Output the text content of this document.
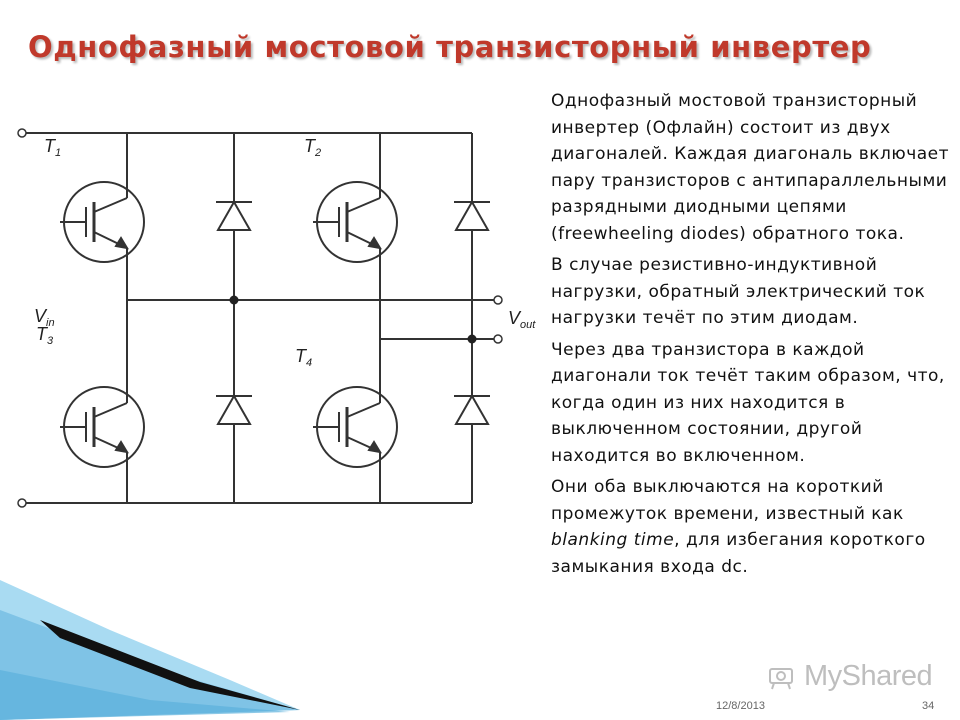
Однофазный мостовой транзисторный инвертер
$T_1$	$T_2$
$T_3$
$T_4$
$V_{in}$	$V_{out}$

Однофазный мостовой транзисторный инвертер (Офлайн) состоит из двух диагоналей. Каждая диагональ включает пару транзисторов с антипараллельными разрядными диодными цепями (freewheeling diodes) обратного тока.

В случае резистивно-индуктивной нагрузки, обратный электрический ток нагрузки течёт по этим диодам.

Через два транзистора в каждой диагонали ток течёт таким образом, что, когда один из них находится в выключенном состоянии, другой находится во включенном.

Они оба выключаются на короткий промежуток времени, известный как blanking time, для избегания короткого замыкания входа dc.

MyShared
12/8/2013	34
